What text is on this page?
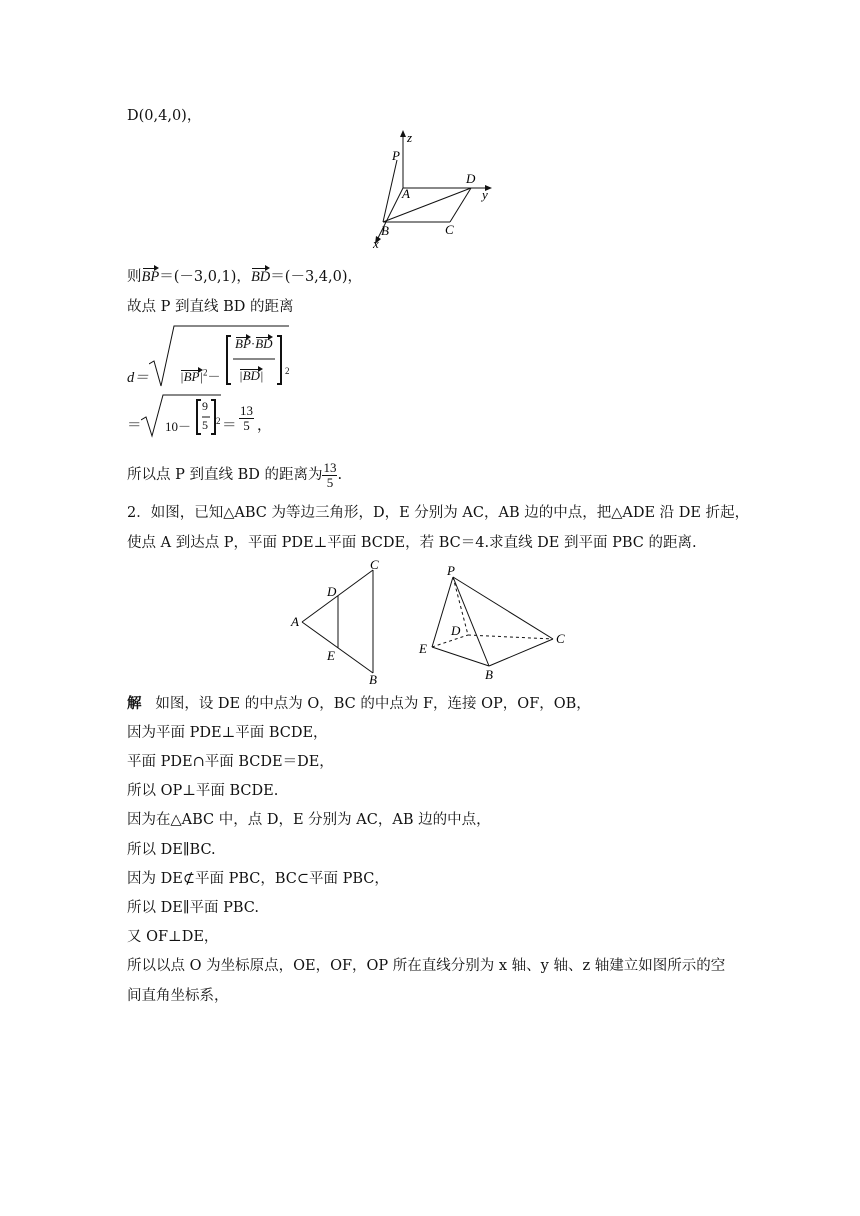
D(0,4,0)，
z
P
A
D
y
B	C
x
则BP＝(－3,0,1)，BD＝(－3,4,0)，
故点 P 到直线 BD 的距离
$d= |BP|^2-$
BP·BD
|BD| 2
＝ 10－
9
5 $2 = \frac{13}{5}$ ，
所以点 P 到直线 BD 的距离为 $\frac{13}{5}$ .
2．如图，已知△ABC 为等边三角形，D，E 分别为 AC，AB 边的中点，把△ADE 沿 DE 折起，
使点 A 到达点 P，平面 PDE⊥平面 BCDE，若 BC＝4.求直线 DE 到平面 PBC 的距离.
C
D
A
E
B
P
D
C
E
B
解 如图，设 DE 的中点为 O，BC 的中点为 F，连接 OP，OF，OB，
因为平面 PDE⊥平面 BCDE，
平面 PDE∩平面 BCDE＝DE，
所以 OP⊥平面 BCDE.
因为在△ABC 中，点 D，E 分别为 AC，AB 边的中点，
所以 DE∥BC.
因为 DE⊄平面 PBC，BC⊂平面 PBC，
所以 DE∥平面 PBC.
又 OF⊥DE，
所以以点 O 为坐标原点，OE，OF，OP 所在直线分别为 x 轴、y 轴、z 轴建立如图所示的空
间直角坐标系，
